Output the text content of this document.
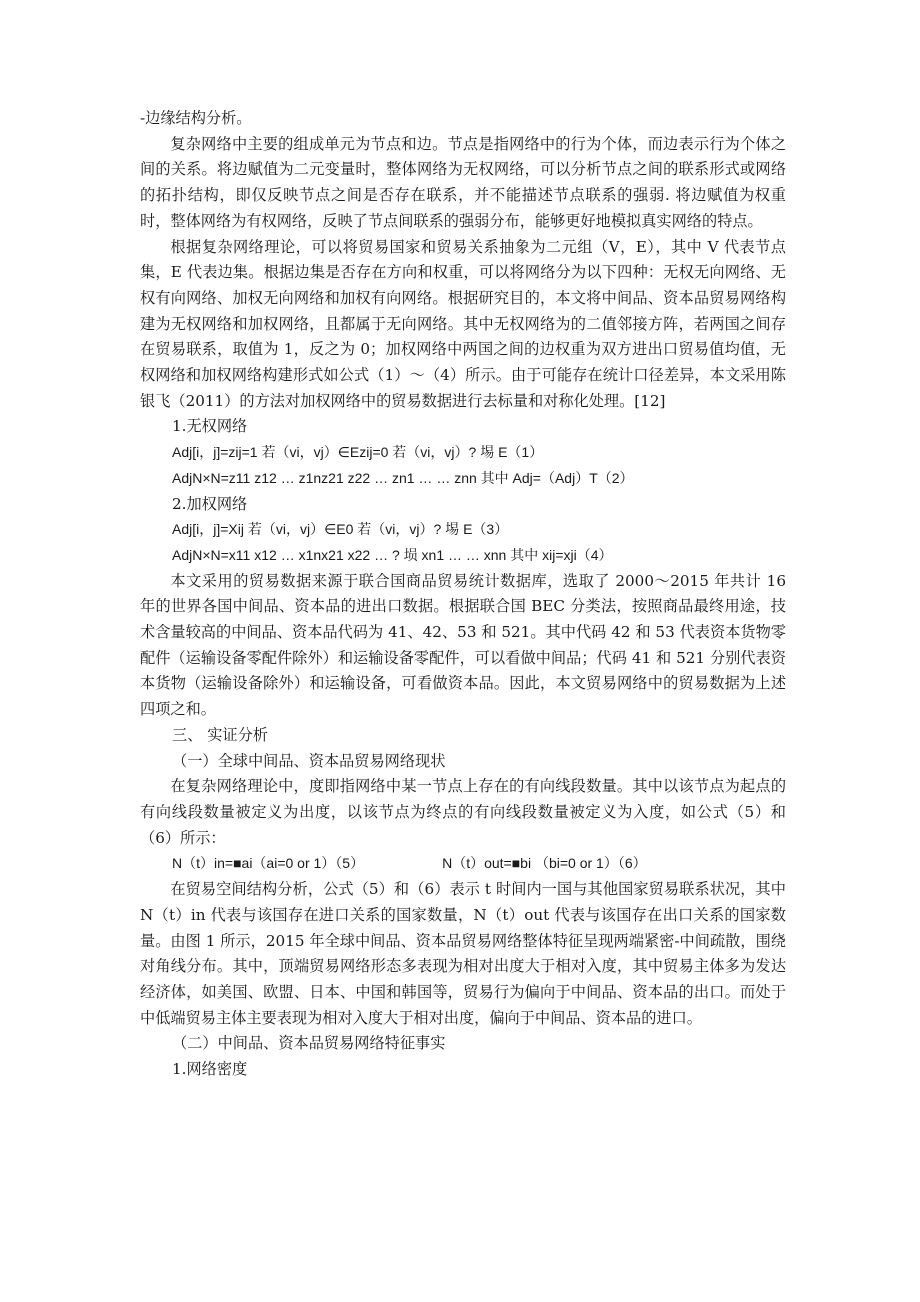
-边缘结构分析。

复杂网络中主要的组成单元为节点和边。节点是指网络中的行为个体，而边表示行为个体之间的关系。将边赋值为二元变量时，整体网络为无权网络，可以分析节点之间的联系形式或网络的拓扑结构，即仅反映节点之间是否存在联系，并不能描述节点联系的强弱. 将边赋值为权重时，整体网络为有权网络，反映了节点间联系的强弱分布，能够更好地模拟真实网络的特点。

根据复杂网络理论，可以将贸易国家和贸易关系抽象为二元组（V，E），其中 V 代表节点集，E 代表边集。根据边集是否存在方向和权重，可以将网络分为以下四种：无权无向网络、无权有向网络、加权无向网络和加权有向网络。根据研究目的，本文将中间品、资本品贸易网络构建为无权网络和加权网络，且都属于无向网络。其中无权网络为的二值邻接方阵，若两国之间存在贸易联系，取值为 1，反之为 0；加权网络中两国之间的边权重为双方进出口贸易值均值，无权网络和加权网络构建形式如公式（1）～（4）所示。由于可能存在统计口径差异，本文采用陈银飞（2011）的方法对加权网络中的贸易数据进行去标量和对称化处理。[12]

1.无权网络

Adj[i，j]=zij=1 若（vi，vj）∈Ezij=0 若（vi，vj）? 埸 E（1）

AdjN×N=z11 z12 … z1nz21 z22 … zn1 … … znn 其中 Adj=（Adj）T（2）

2.加权网络

Adj[i，j]=Xij 若（vi，vj）∈E0 若（vi，vj）? 埸 E（3）

AdjN×N=x11 x12 … x1nx21 x22 … ? 埙 xn1 … … xnn 其中 xij=xji（4）

本文采用的贸易数据来源于联合国商品贸易统计数据库，选取了 2000～2015 年共计 16 年的世界各国中间品、资本品的进出口数据。根据联合国 BEC 分类法，按照商品最终用途，技术含量较高的中间品、资本品代码为 41、42、53 和 521。其中代码 42 和 53 代表资本货物零配件（运输设备零配件除外）和运输设备零配件，可以看做中间品；代码 41 和 521 分别代表资本货物（运输设备除外）和运输设备，可看做资本品。因此，本文贸易网络中的贸易数据为上述四项之和。

三、 实证分析

（一）全球中间品、资本品贸易网络现状

在复杂网络理论中，度即指网络中某一节点上存在的有向线段数量。其中以该节点为起点的有向线段数量被定义为出度，以该节点为终点的有向线段数量被定义为入度，如公式（5）和（6）所示：

N（t）in=■ai（ai=0 or 1）（5）	N（t）out=■bi （bi=0 or 1）（6）

在贸易空间结构分析，公式（5）和（6）表示 t 时间内一国与其他国家贸易联系状况，其中 N（t）in 代表与该国存在进口关系的国家数量，N（t）out 代表与该国存在出口关系的国家数量。由图 1 所示，2015 年全球中间品、资本品贸易网络整体特征呈现两端紧密-中间疏散，围绕对角线分布。其中，顶端贸易网络形态多表现为相对出度大于相对入度，其中贸易主体多为发达经济体，如美国、欧盟、日本、中国和韩国等，贸易行为偏向于中间品、资本品的出口。而处于中低端贸易主体主要表现为相对入度大于相对出度，偏向于中间品、资本品的进口。

（二）中间品、资本品贸易网络特征事实

1.网络密度
